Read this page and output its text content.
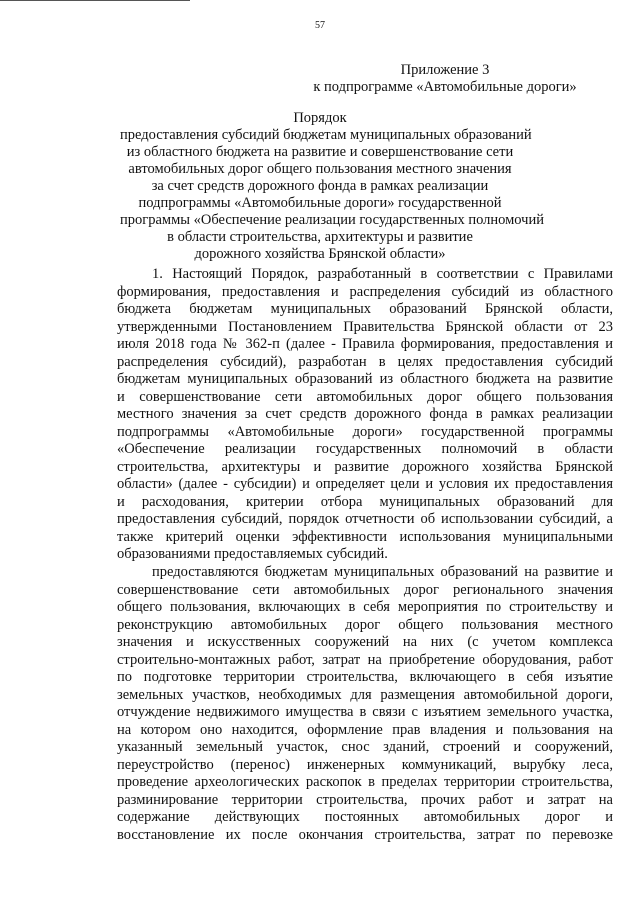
57
Приложение 3
к подпрограмме «Автомобильные дороги»
Порядок
предоставления субсидий бюджетам муниципальных образований
из областного бюджета на развитие и совершенствование сети
автомобильных дорог общего пользования местного значения
за счет средств дорожного фонда в рамках реализации
подпрограммы «Автомобильные дороги» государственной
программы «Обеспечение реализации государственных полномочий
в области строительства, архитектуры и развитие
дорожного хозяйства Брянской области»
1. Настоящий Порядок, разработанный в соответствии с Правилами
формирования, предоставления и распределения субсидий из областного
бюджета бюджетам муниципальных образований Брянской области,
утвержденными Постановлением Правительства Брянской области от 23
июля 2018 года № 362-п (далее - Правила формирования, предоставления и
распределения субсидий), разработан в целях предоставления субсидий
бюджетам муниципальных образований из областного бюджета на развитие
и совершенствование сети автомобильных дорог общего пользования
местного значения за счет средств дорожного фонда в рамках реализации
подпрограммы «Автомобильные дороги» государственной программы
«Обеспечение реализации государственных полномочий в области
строительства, архитектуры и развитие дорожного хозяйства Брянской
области» (далее - субсидии) и определяет цели и условия их предоставления
и расходования, критерии отбора муниципальных образований для
предоставления субсидий, порядок отчетности об использовании субсидий, а
также критерий оценки эффективности использования муниципальными
образованиями предоставляемых субсидий.
предоставляются бюджетам муниципальных образований на развитие и
совершенствование сети автомобильных дорог регионального значения
общего пользования, включающих в себя мероприятия по строительству и
реконструкцию автомобильных дорог общего пользования местного
значения и искусственных сооружений на них (с учетом комплекса
строительно-монтажных работ, затрат на приобретение оборудования, работ
по подготовке территории строительства, включающего в себя изъятие
земельных участков, необходимых для размещения автомобильной дороги,
отчуждение недвижимого имущества в связи с изъятием земельного участка,
на котором оно находится, оформление прав владения и пользования на
указанный земельный участок, снос зданий, строений и сооружений,
переустройство (перенос) инженерных коммуникаций, вырубку леса,
проведение археологических раскопок в пределах территории строительства,
разминирование территории строительства, прочих работ и затрат на
содержание действующих постоянных автомобильных дорог и
восстановление их после окончания строительства, затрат по перевозке
